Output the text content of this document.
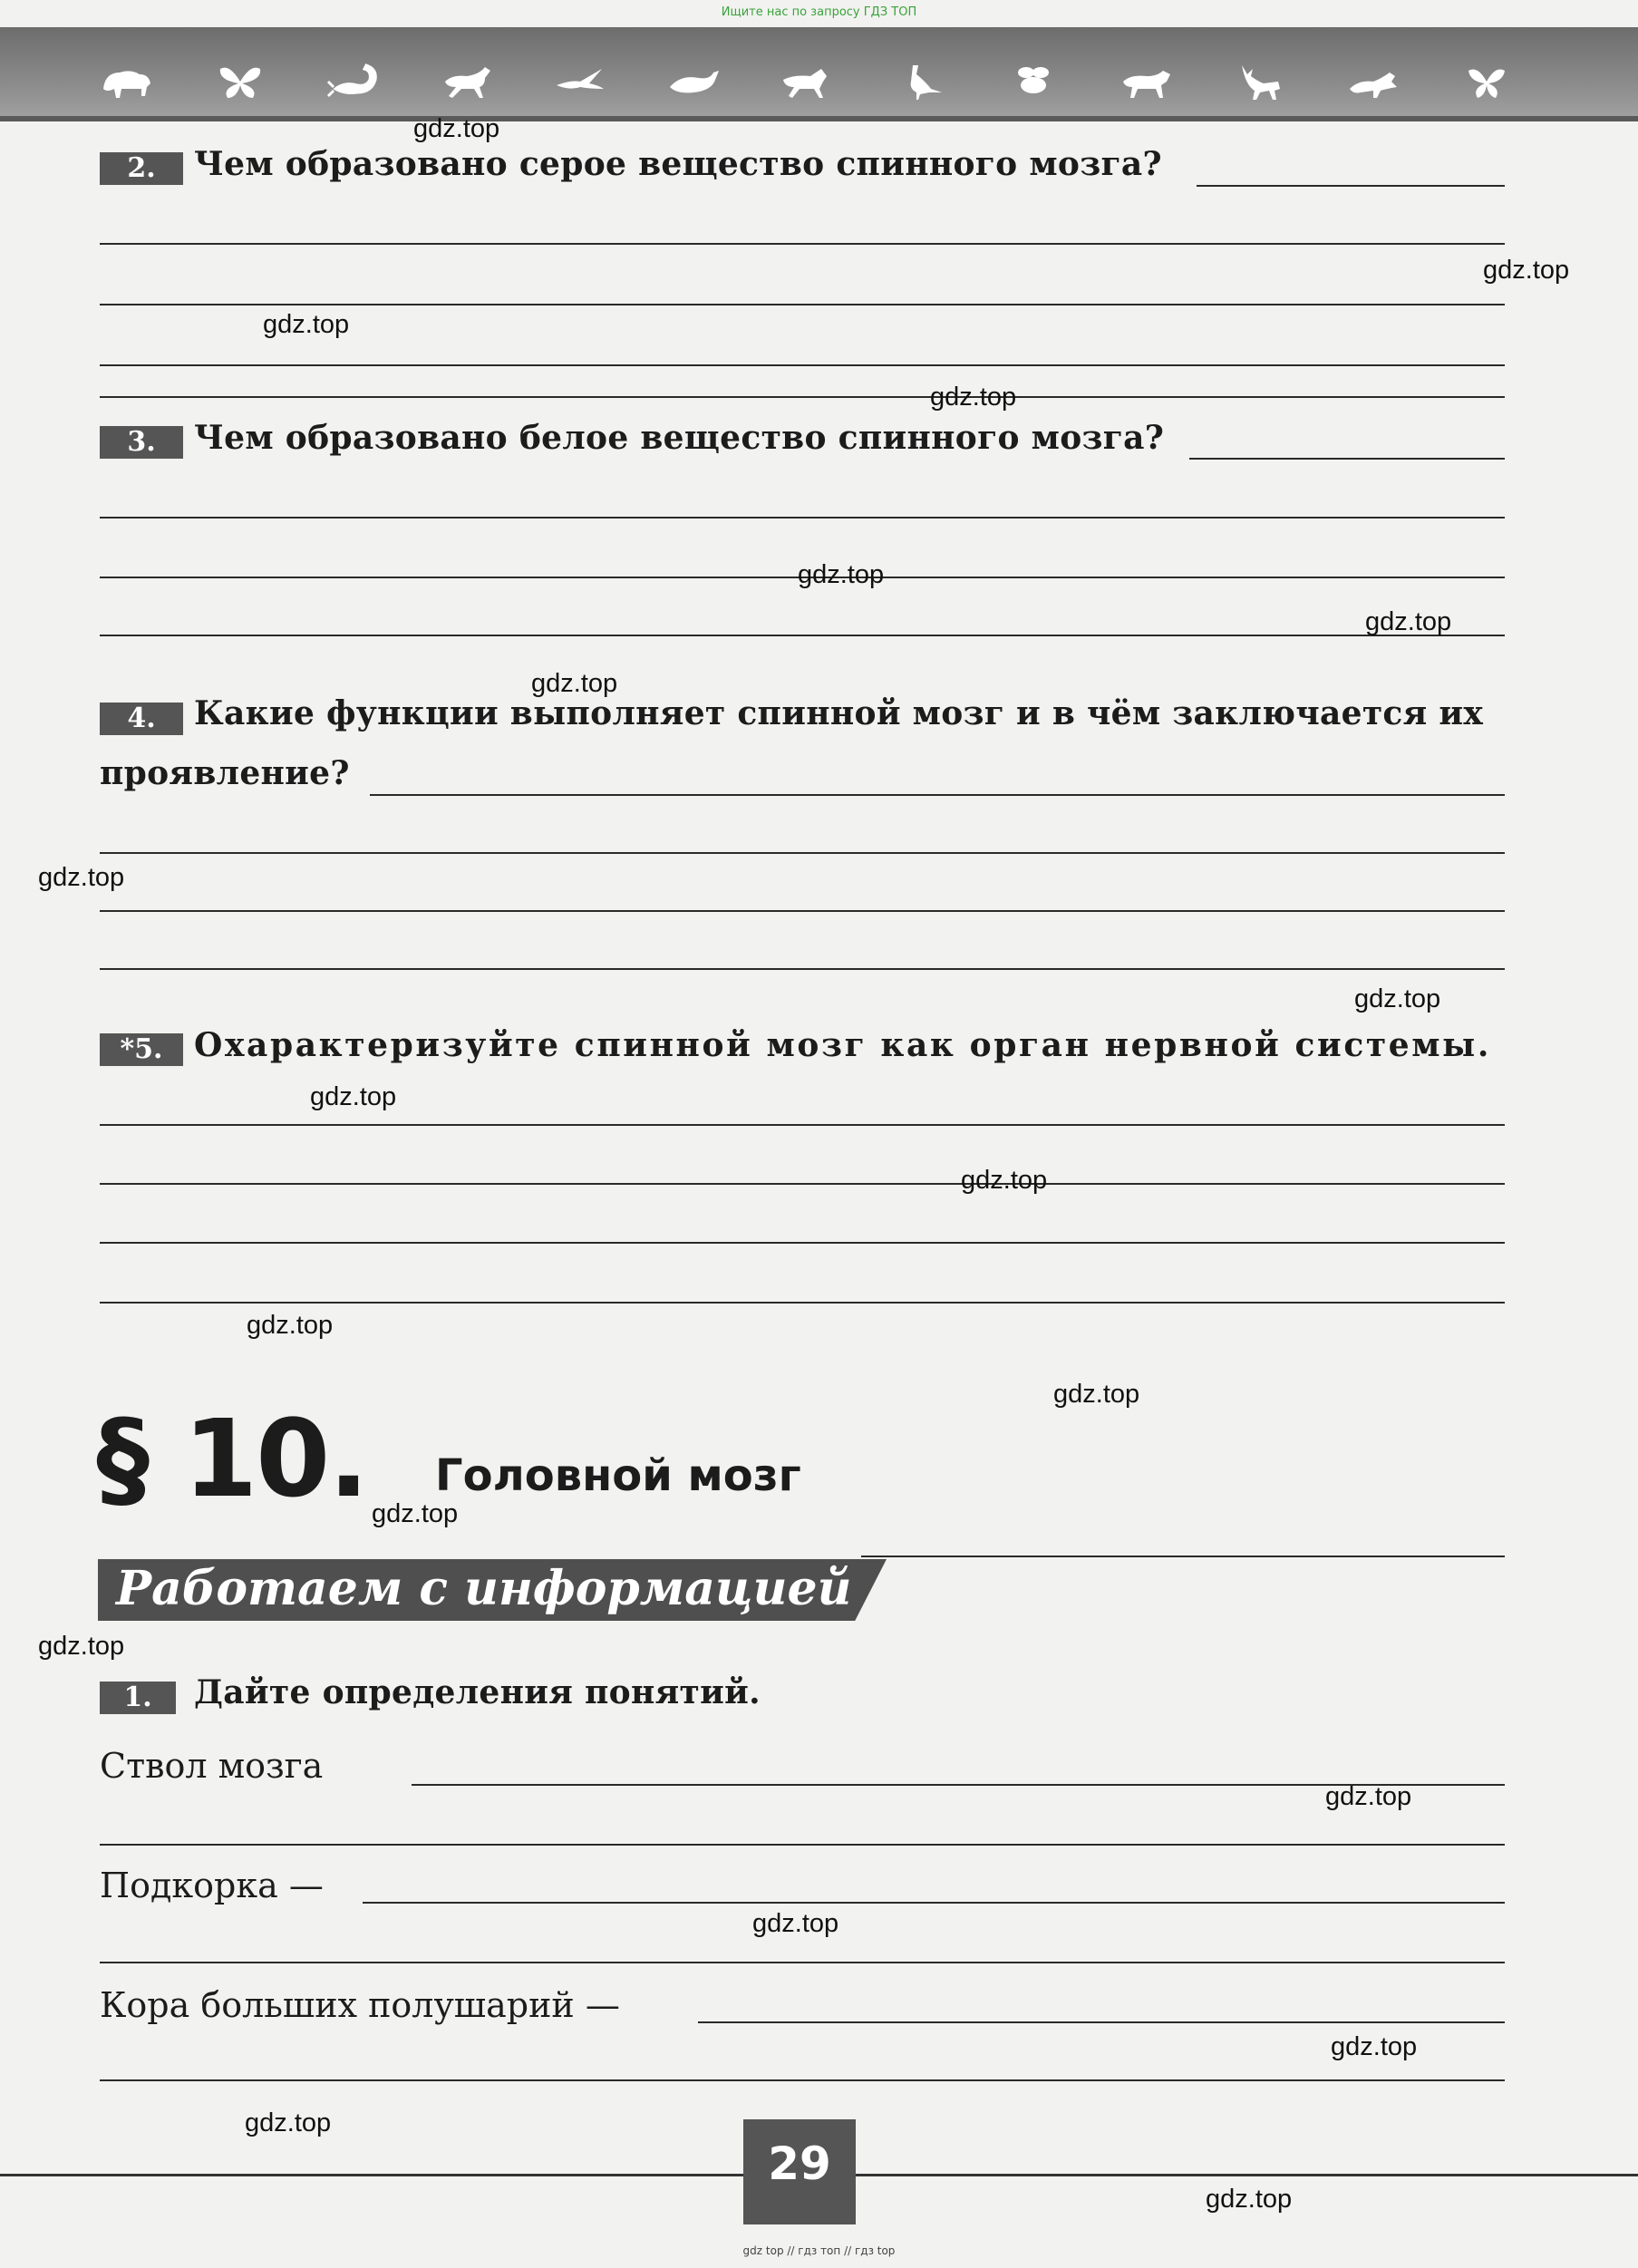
Ищите нас по запросу ГДЗ ТОП
2.	Чем образовано серое вещество спинного мозга?
3.	Чем образовано белое вещество спинного мозга?
4.	Какие функции выполняет спинной мозг и в чём заключается их
проявление?
*5. Охарактеризуйте спинной мозг как орган нервной системы.
§ 10. Головной мозг
Работаем с информацией
1.	Дайте определения понятий.
Ствол мозга
Подкорка —
Кора больших полушарий —
gdz.top
gdz.top
gdz.top
gdz.top
gdz.top
gdz.top
gdz.top
gdz.top
gdz.top
gdz.top
gdz.top
gdz.top
gdz.top
gdz.top
gdz.top
gdz.top
gdz.top
gdz.top
gdz.top
gdz.top
29
gdz top // гдз топ // гдз top
